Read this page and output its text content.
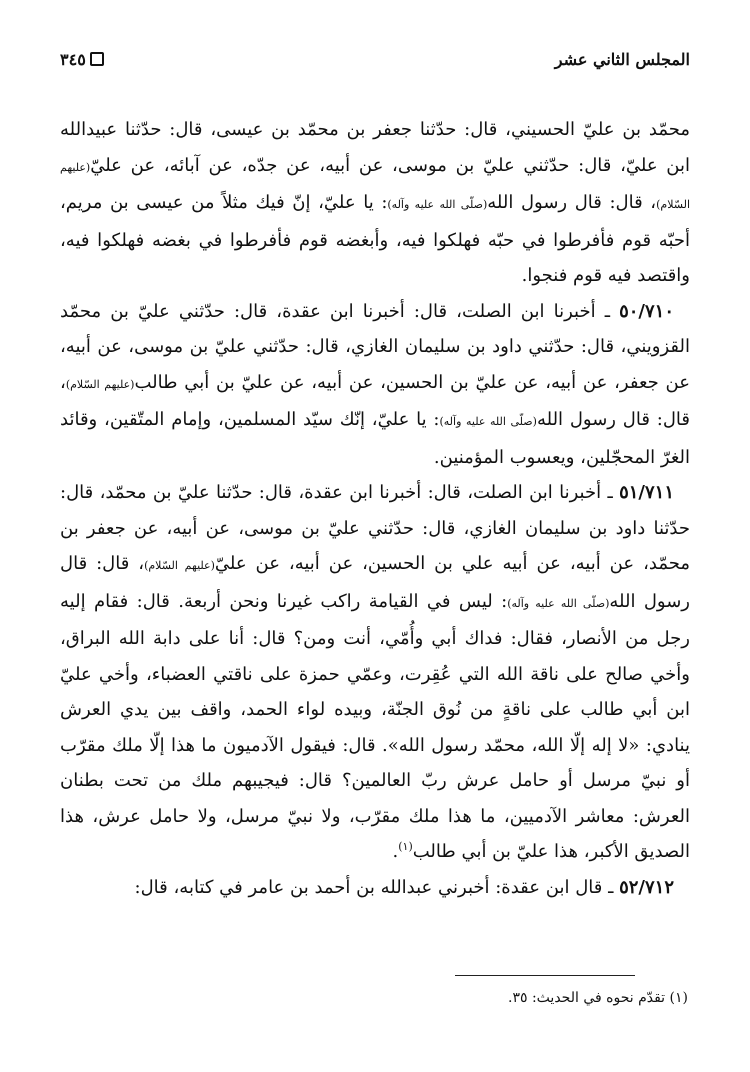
المجلس الثاني عشر
٣٤٥

محمّد بن عليّ الحسيني، قال: حدّثنا جعفر بن محمّد بن عيسى، قال: حدّثنا عبيدالله ابن عليّ، قال: حدّثني عليّ بن موسى، عن أبيه، عن جدّه، عن آبائه، عن عليّ(عليهم السّلام)، قال: قال رسول الله(صلّى الله عليه وآله): يا عليّ، إنّ فيك مثلاً من عيسى بن مريم، أحبّه قوم فأفرطوا في حبّه فهلكوا فيه، وأبغضه قوم فأفرطوا في بغضه فهلكوا فيه، واقتصد فيه قوم فنجوا.

٥٠/٧١٠ ـ أخبرنا ابن الصلت، قال: أخبرنا ابن عقدة، قال: حدّثني عليّ بن محمّد القزويني، قال: حدّثني داود بن سليمان الغازي، قال: حدّثني عليّ بن موسى، عن أبيه، عن جعفر، عن أبيه، عن عليّ بن الحسين، عن أبيه، عن عليّ بن أبي طالب(عليهم السّلام)، قال: قال رسول الله(صلّى الله عليه وآله): يا عليّ، إنّك سيّد المسلمين، وإمام المتّقين، وقائد الغرّ المحجّلين، ويعسوب المؤمنين.

٥١/٧١١ ـ أخبرنا ابن الصلت، قال: أخبرنا ابن عقدة، قال: حدّثنا عليّ بن محمّد، قال: حدّثنا داود بن سليمان الغازي، قال: حدّثني عليّ بن موسى، عن أبيه، عن جعفر بن محمّد، عن أبيه، عن أبيه علي بن الحسين، عن أبيه، عن عليّ(عليهم السّلام)، قال: قال رسول الله(صلّى الله عليه وآله): ليس في القيامة راكب غيرنا ونحن أربعة. قال: فقام إليه رجل من الأنصار، فقال: فداك أبي وأُمّي، أنت ومن؟ قال: أنا على دابة الله البراق، وأخي صالح على ناقة الله التي عُقِرت، وعمّي حمزة على ناقتي العضباء، وأخي عليّ ابن أبي طالب على ناقةٍ من نُوق الجنّة، وبيده لواء الحمد، واقف بين يدي العرش ينادي: «لا إله إلّا الله، محمّد رسول الله». قال: فيقول الآدميون ما هذا إلّا ملك مقرّب أو نبيّ مرسل أو حامل عرش ربّ العالمين؟ قال: فيجيبهم ملك من تحت بطنان العرش: معاشر الآدميين، ما هذا ملك مقرّب، ولا نبيّ مرسل، ولا حامل عرش، هذا الصديق الأكبر، هذا عليّ بن أبي طالب$^{(١)}$.

٥٢/٧١٢ ـ قال ابن عقدة: أخبرني عبدالله بن أحمد بن عامر في كتابه، قال:

(١) تقدّم نحوه في الحديث: ٣٥.
